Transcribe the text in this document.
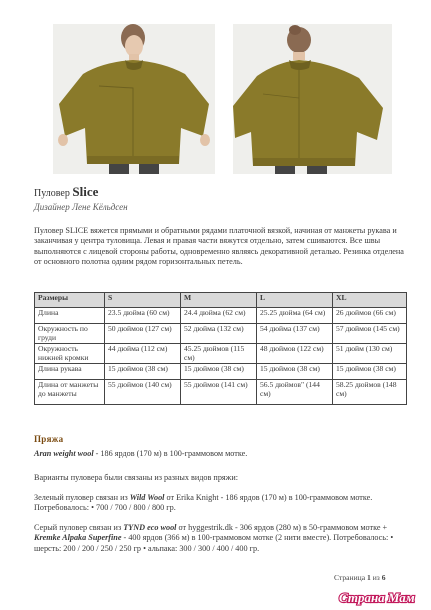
Пуловер Slice
Дизайнер Лене Кёльдсен
Пуловер SLICE вяжется прямыми и обратными рядами платочной вязкой, начиная от манжеты рукава и заканчивая у центра туловища. Левая и правая части вяжутся отдельно, затем сшиваются. Все швы выполняются с лицевой стороны работы, одновременно являясь декоративной деталью. Резинка отделена от основного полотна одним рядом горизонтальных петель.
Размеры	S	M	L	XL
Длина	23.5 дюйма (60 см)	24.4 дюйма (62 см)	25.25 дюйма (64 см)	26 дюймов (66 см)
Окружность по груди	50 дюймов (127 см)	52 дюйма (132 см)	54 дюйма (137 см)	57 дюймов (145 см)
Окружность нижней кромки	44 дюйма (112 см)	45.25 дюймов (115 см)	48 дюймов (122 см)	51 дюйм (130 см)
Длина рукава	15 дюймов (38 см)	15 дюймов (38 см)	15 дюймов (38 см)	15 дюймов (38 см)
Длина от манжеты до манжеты	55 дюймов (140 см)	55 дюймов (141 см)	56.5 дюймов" (144 см)	58.25 дюймов (148 см)
Пряжа
Aran weight wool - 186 ярдов (170 м) в 100-граммовом мотке.
Варианты пуловера были связаны из разных видов пряжи:
Зеленый пуловер связан из Wild Wool от Erika Knight - 186 ярдов (170 м) в 100-граммовом мотке. Потребовалось: • 700 / 700 / 800 / 800 гр.
Серый пуловер связан из TYND eco wool от hyggestrik.dk - 306 ярдов (280 м) в 50-граммовом мотке + Kremke Alpaka Superfine - 400 ярдов (366 м) в 100-граммовом мотке (2 нити вместе). Потребовалось: • шерсть: 200 / 200 / 250 / 250 гр • альпака: 300 / 300 / 400 / 400 гр.
Страница 1 из 6
Страна Мам
